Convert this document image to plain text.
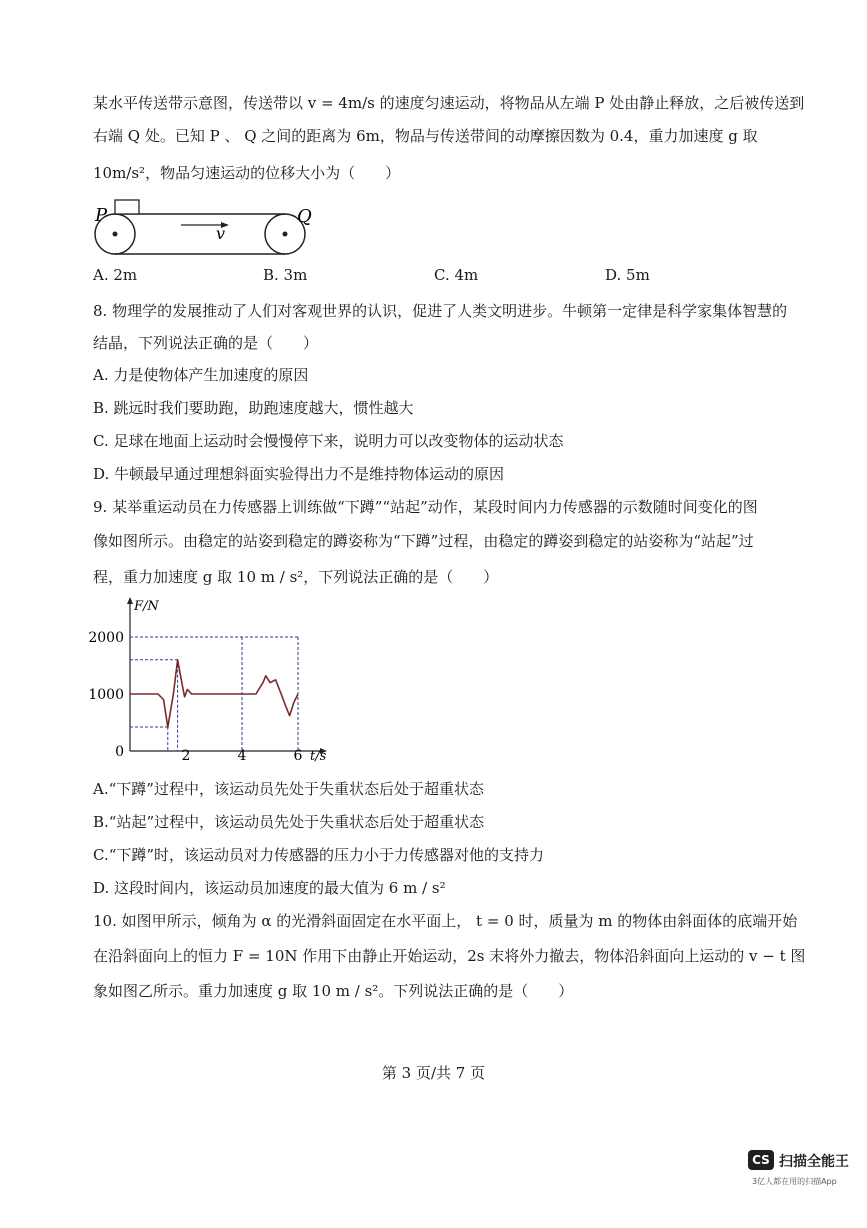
某水平传送带示意图，传送带以 v = 4m/s 的速度匀速运动，将物品从左端 P 处由静止释放，之后被传送到
右端 Q 处。已知 P 、 Q 之间的距离为 6m，物品与传送带间的动摩擦因数为 0.4，重力加速度 g 取
10m/s²，物品匀速运动的位移大小为（　　）
P	Q
v
A. 2m	B. 3m	C. 4m	D. 5m
8. 物理学的发展推动了人们对客观世界的认识，促进了人类文明进步。牛顿第一定律是科学家集体智慧的
结晶，下列说法正确的是（　　）
A. 力是使物体产生加速度的原因
B. 跳远时我们要助跑，助跑速度越大，惯性越大
C. 足球在地面上运动时会慢慢停下来，说明力可以改变物体的运动状态
D. 牛顿最早通过理想斜面实验得出力不是维持物体运动的原因
9. 某举重运动员在力传感器上训练做“下蹲”“站起”动作，某段时间内力传感器的示数随时间变化的图
像如图所示。由稳定的站姿到稳定的蹲姿称为“下蹲”过程，由稳定的蹲姿到稳定的站姿称为“站起”过
程，重力加速度 g 取 10 m / s²，下列说法正确的是（　　）
0
1000
2000
2	4	6 t/s
F/N
A.“下蹲”过程中，该运动员先处于失重状态后处于超重状态
B.“站起”过程中，该运动员先处于失重状态后处于超重状态
C.“下蹲”时，该运动员对力传感器的压力小于力传感器对他的支持力
D. 这段时间内，该运动员加速度的最大值为 6 m / s²
10. 如图甲所示，倾角为 α 的光滑斜面固定在水平面上， t = 0 时，质量为 m 的物体由斜面体的底端开始
在沿斜面向上的恒力 F = 10N 作用下由静止开始运动，2s 末将外力撤去，物体沿斜面向上运动的 v − t 图
象如图乙所示。重力加速度 g 取 10 m / s²。下列说法正确的是（　　）
第 3 页/共 7 页
CS 扫描全能王
3亿人都在用的扫描App
